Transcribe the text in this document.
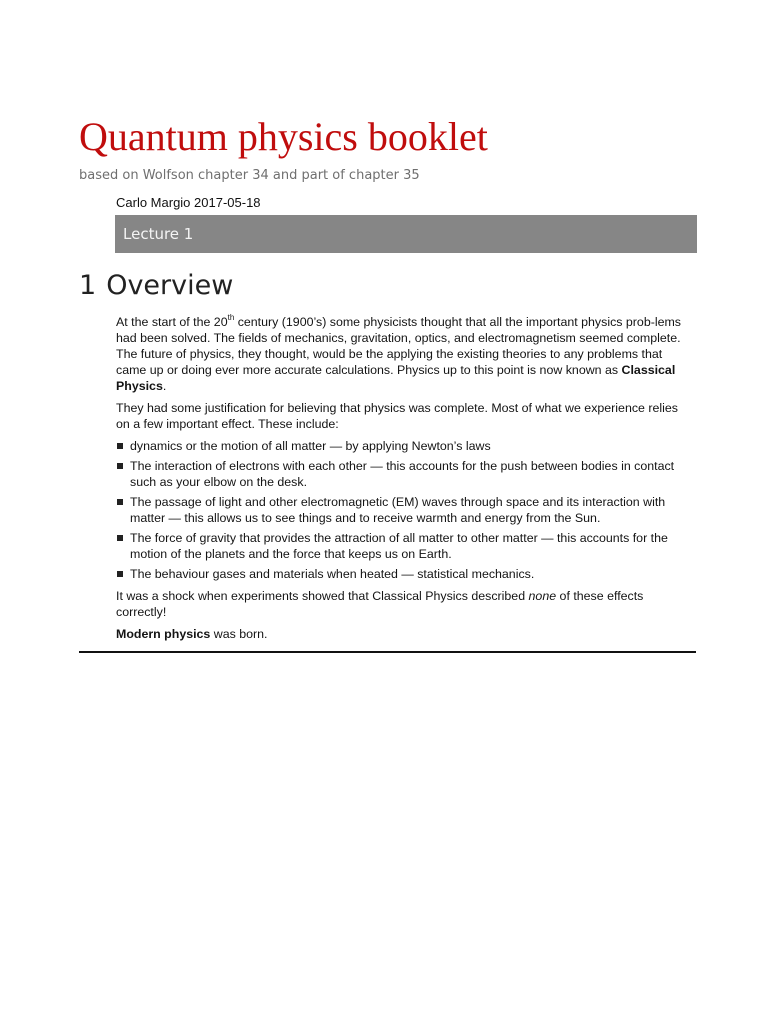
Quantum physics booklet
based on Wolfson chapter 34 and part of chapter 35
Carlo Margio 2017-05-18
Lecture 1
1 Overview

At the start of the 20th century (1900’s) some physicists thought that all the important physics prob-lems had been solved. The fields of mechanics, gravitation, optics, and electromagnetism seemed complete. The future of physics, they thought, would be the applying the existing theories to any problems that came up or doing ever more accurate calculations. Physics up to this point is now known as Classical Physics.

They had some justification for believing that physics was complete. Most of what we experience relies on a few important effect. These include:

dynamics or the motion of all matter — by applying Newton’s laws
The interaction of electrons with each other — this accounts for the push between bodies in contact such as your elbow on the desk.
The passage of light and other electromagnetic (EM) waves through space and its interaction with matter — this allows us to see things and to receive warmth and energy from the Sun.
The force of gravity that provides the attraction of all matter to other matter — this accounts for the motion of the planets and the force that keeps us on Earth.
The behaviour gases and materials when heated — statistical mechanics.

It was a shock when experiments showed that Classical Physics described none of these effects correctly!

Modern physics was born.
